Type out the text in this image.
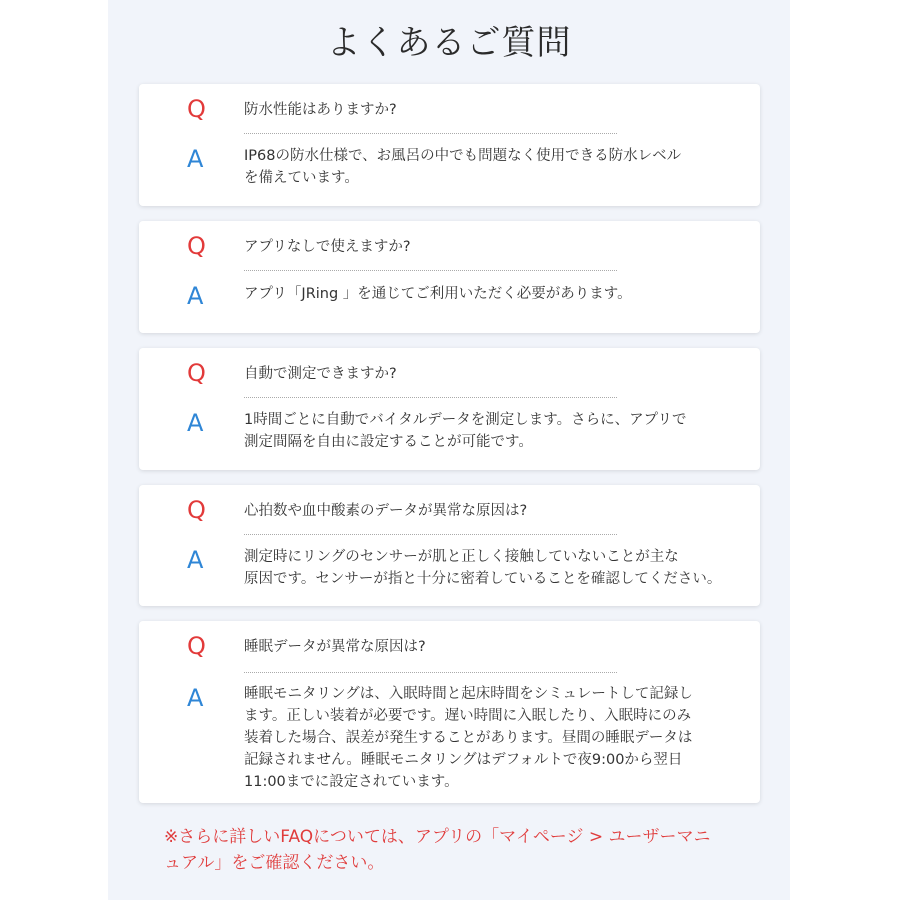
よくあるご質問
Q	防水性能はありますか?
A	IP68の防水仕様で、お風呂の中でも問題なく使用できる防水レベル
を備えています。
Q	アプリなしで使えますか?
A	アプリ「JRing 」を通じてご利用いただく必要があります。
Q	自動で測定できますか?
A	1時間ごとに自動でバイタルデータを測定します。さらに、アプリで
測定間隔を自由に設定することが可能です。
Q	心拍数や血中酸素のデータが異常な原因は?
A	測定時にリングのセンサーが肌と正しく接触していないことが主な
原因です。センサーが指と十分に密着していることを確認してください。
Q	睡眠データが異常な原因は?
A	睡眠モニタリングは、入眠時間と起床時間をシミュレートして記録し
ます。正しい装着が必要です。遅い時間に入眠したり、入眠時にのみ
装着した場合、誤差が発生することがあります。昼間の睡眠データは
記録されません。睡眠モニタリングはデフォルトで夜9:00から翌日
11:00までに設定されています。
※さらに詳しいFAQについては、アプリの「マイページ > ユーザーマニ
ュアル」をご確認ください。
